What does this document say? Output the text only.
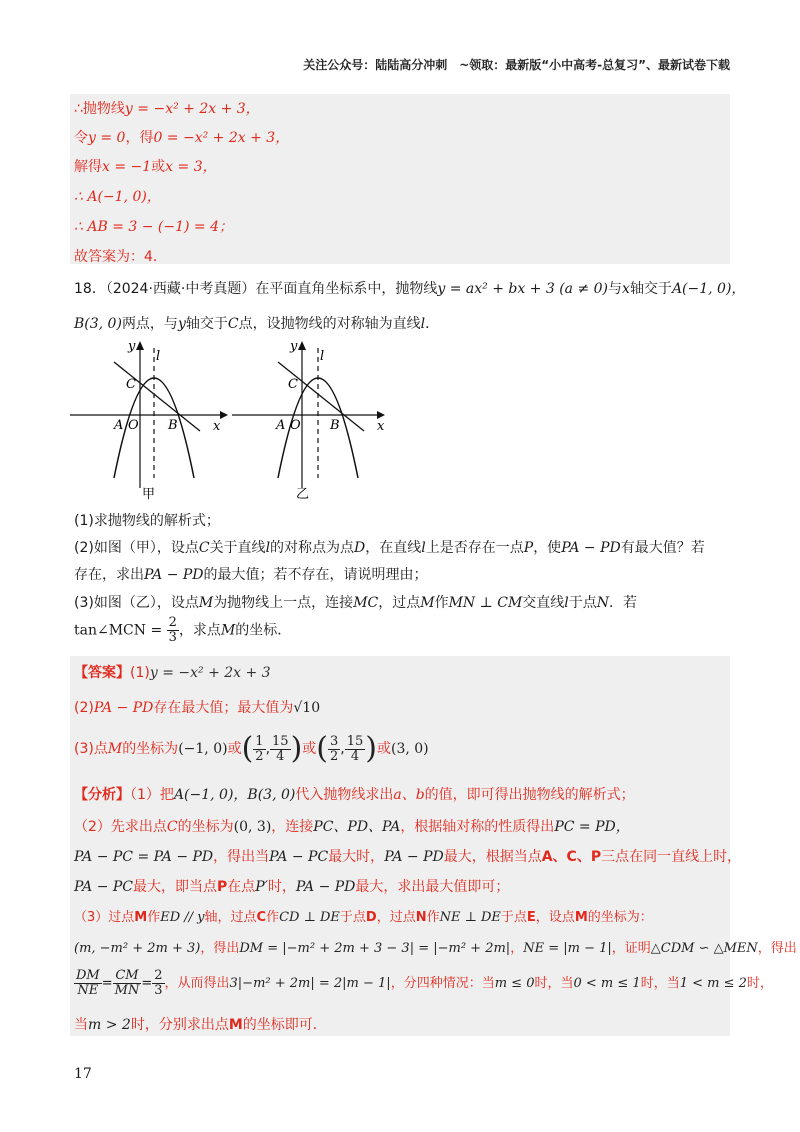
关注公众号：陆陆高分冲刺　~领取：最新版“小中高考-总复习”、最新试卷下载
∴抛物线y = −x² + 2x + 3，
令y = 0，得0 = −x² + 2x + 3，
解得x = −1或x = 3，
∴ A(−1, 0)，
∴ AB = 3 − (−1) = 4；
故答案为：4．
18．（2024·西藏·中考真题）在平面直角坐标系中，抛物线y = ax² + bx + 3 (a ≠ 0)与x轴交于A(−1, 0)，
B(3, 0)两点，与y轴交于C点，设抛物线的对称轴为直线l．
y
l
C
A O B	x
甲
y
l
C
A O B	x
乙
(1)求抛物线的解析式；
(2)如图（甲），设点C关于直线l的对称点为点D，在直线l上是否存在一点P，使PA − PD有最大值？若
存在，求出PA − PD的最大值；若不存在，请说明理由；
(3)如图（乙），设点M为抛物线上一点，连接MC，过点M作MN ⊥ CM交直线l于点N．若
tan∠MCN = $\frac{2}{3}$ ，求点M的坐标．
【答案】(1)y = −x² + 2x + 3
(2)PA − PD存在最大值；最大值为√10
(3)点M的坐标为(−1, 0)或( $\frac{1}{2}$ , $\frac{15}{4}$ )或( $\frac{3}{2}$ , $\frac{15}{4}$ )或(3, 0)
【分析】（1）把A(−1, 0)，B(3, 0)代入抛物线求出a、b的值，即可得出抛物线的解析式；
（2）先求出点C的坐标为(0, 3)，连接PC、PD、PA，根据轴对称的性质得出PC = PD，
PA − PC = PA − PD，得出当PA − PC最大时，PA − PD最大，根据当点A、C、P三点在同一直线上时，
PA − PC最大，即当点P在点P′时，PA − PD最大，求出最大值即可；
（3）过点M作ED // y轴，过点C作CD ⊥ DE于点D，过点N作NE ⊥ DE于点E，设点M的坐标为：
(m, −m² + 2m + 3)，得出DM = |−m² + 2m + 3 − 3| = |−m² + 2m|，NE = |m − 1|，证明△CDM ∽ △MEN，得出
$\frac{DM}{NE} = \frac{CM}{MN} = \frac{2}{3}$ ，从而得出3|−m² + 2m| = 2|m − 1|，分四种情况：当m ≤ 0时，当0 < m ≤ 1时，当1 < m ≤ 2时，
当m > 2时，分别求出点M的坐标即可．
17
